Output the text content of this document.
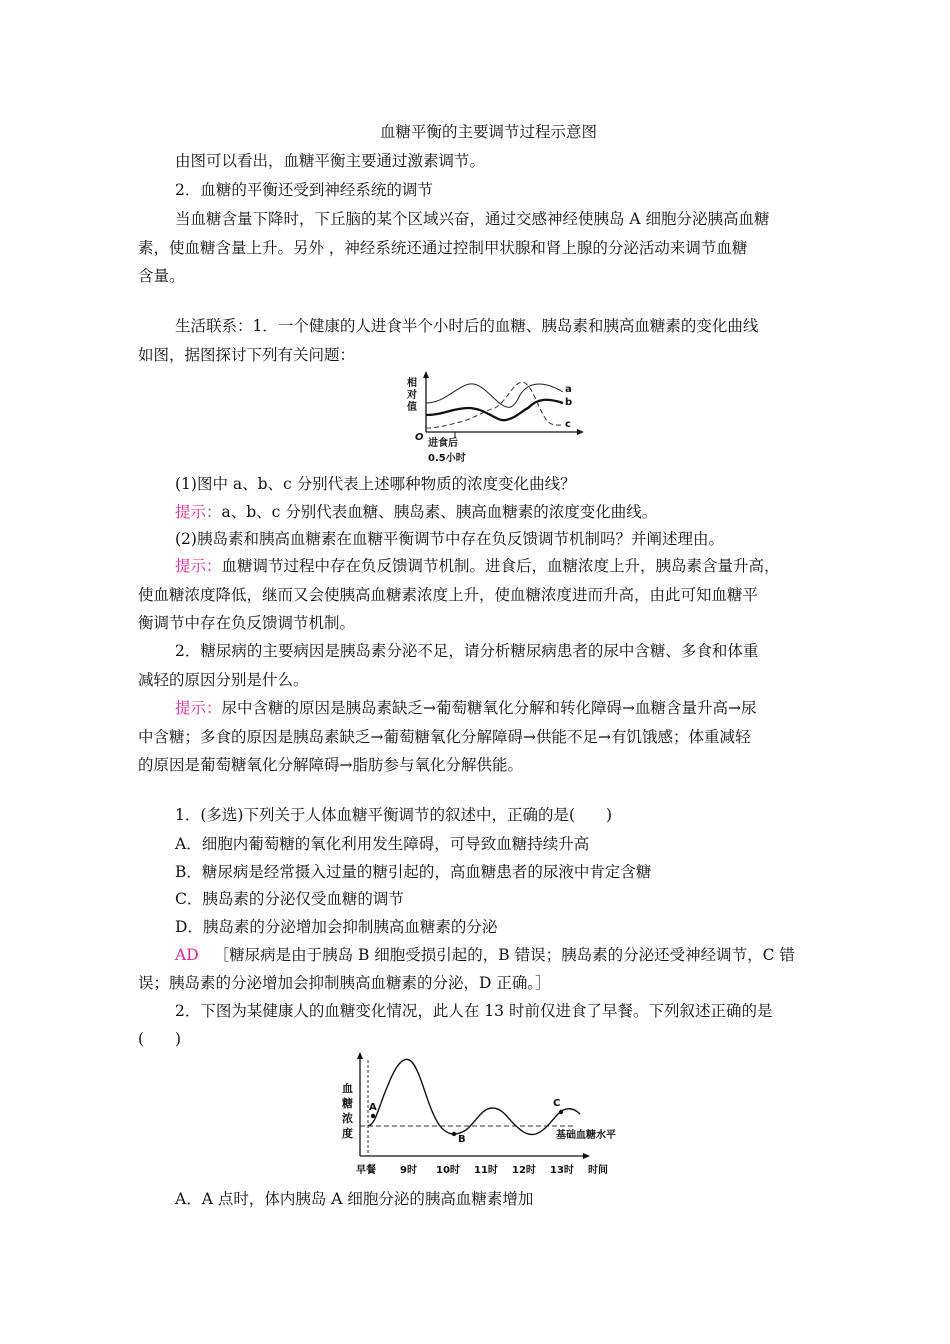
血糖平衡的主要调节过程示意图
由图可以看出，血糖平衡主要通过激素调节。
2．血糖的平衡还受到神经系统的调节
当血糖含量下降时，下丘脑的某个区域兴奋，通过交感神经使胰岛 A 细胞分泌胰高血糖
素，使血糖含量上升。另外 ，神经系统还通过控制甲状腺和肾上腺的分泌活动来调节血糖
含量。
生活联系：1．一个健康的人进食半个小时后的血糖、胰岛素和胰高血糖素的变化曲线
如图，据图探讨下列有关问题：
相
对
值
O
进食后
0.5小时
a
b
c
(1)图中 a、b、c 分别代表上述哪种物质的浓度变化曲线？
提示：a、b、c 分别代表血糖、胰岛素、胰高血糖素的浓度变化曲线。
(2)胰岛素和胰高血糖素在血糖平衡调节中存在负反馈调节机制吗？并阐述理由。
提示：血糖调节过程中存在负反馈调节机制。进食后，血糖浓度上升，胰岛素含量升高，
使血糖浓度降低，继而又会使胰高血糖素浓度上升，使血糖浓度进而升高，由此可知血糖平
衡调节中存在负反馈调节机制。
2．糖尿病的主要病因是胰岛素分泌不足，请分析糖尿病患者的尿中含糖、多食和体重
减轻的原因分别是什么。
提示：尿中含糖的原因是胰岛素缺乏→葡萄糖氧化分解和转化障碍→血糖含量升高→尿
中含糖；多食的原因是胰岛素缺乏→葡萄糖氧化分解障碍→供能不足→有饥饿感；体重减轻
的原因是葡萄糖氧化分解障碍→脂肪参与氧化分解供能。
1．(多选)下列关于人体血糖平衡调节的叙述中，正确的是(　　)
A．细胞内葡萄糖的氧化利用发生障碍，可导致血糖持续升高
B．糖尿病是经常摄入过量的糖引起的，高血糖患者的尿液中肯定含糖
C．胰岛素的分泌仅受血糖的调节
D．胰岛素的分泌增加会抑制胰高血糖素的分泌
AD ［糖尿病是由于胰岛 B 细胞受损引起的，B 错误；胰岛素的分泌还受神经调节，C 错
误；胰岛素的分泌增加会抑制胰高血糖素的分泌，D 正确。］
2．下图为某健康人的血糖变化情况，此人在 13 时前仅进食了早餐。下列叙述正确的是
(　　)
血
糖
浓
度
A
B
C
基础血糖水平
早餐 9时 10时 11时 12时 13时 时间
A．A 点时，体内胰岛 A 细胞分泌的胰高血糖素增加
